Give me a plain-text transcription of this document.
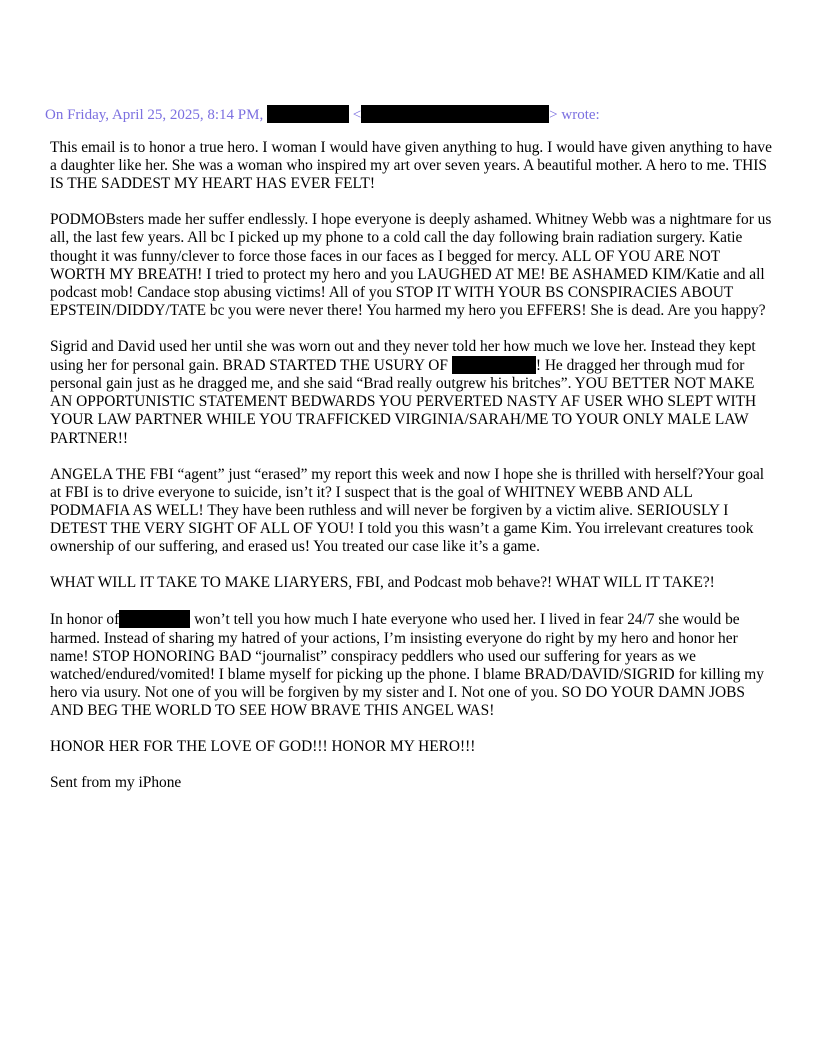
On Friday, April 25, 2025, 8:14 PM,	<	> wrote:

This email is to honor a true hero. I woman I would have given anything to hug. I would have given anything to have a daughter like her. She was a woman who inspired my art over seven years. A beautiful mother. A hero to me. THIS IS THE SADDEST MY HEART HAS EVER FELT!

PODMOBsters made her suffer endlessly. I hope everyone is deeply ashamed. Whitney Webb was a nightmare for us all, the last few years. All bc I picked up my phone to a cold call the day following brain radiation surgery. Katie thought it was funny/clever to force those faces in our faces as I begged for mercy. ALL OF YOU ARE NOT WORTH MY BREATH! I tried to protect my hero and you LAUGHED AT ME! BE ASHAMED KIM/Katie and all podcast mob! Candace stop abusing victims! All of you STOP IT WITH YOUR BS CONSPIRACIES ABOUT EPSTEIN/DIDDY/TATE bc you were never there! You harmed my hero you EFFERS! She is dead. Are you happy?

Sigrid and David used her until she was worn out and they never told her how much we love her. Instead they kept using her for personal gain. BRAD STARTED THE USURY OF	! He dragged her through mud for personal gain just as he dragged me, and she said “Brad really outgrew his britches”. YOU BETTER NOT MAKE AN OPPORTUNISTIC STATEMENT BEDWARDS YOU PERVERTED NASTY AF USER WHO SLEPT WITH YOUR LAW PARTNER WHILE YOU TRAFFICKED VIRGINIA/SARAH/ME TO YOUR ONLY MALE LAW PARTNER!!

ANGELA THE FBI “agent” just “erased” my report this week and now I hope she is thrilled with herself?Your goal at FBI is to drive everyone to suicide, isn’t it? I suspect that is the goal of WHITNEY WEBB AND ALL PODMAFIA AS WELL! They have been ruthless and will never be forgiven by a victim alive. SERIOUSLY I DETEST THE VERY SIGHT OF ALL OF YOU! I told you this wasn’t a game Kim. You irrelevant creatures took ownership of our suffering, and erased us! You treated our case like it’s a game.

WHAT WILL IT TAKE TO MAKE LIARYERS, FBI, and Podcast mob behave?! WHAT WILL IT TAKE?!

In honor of	won’t tell you how much I hate everyone who used her. I lived in fear 24/7 she would be harmed. Instead of sharing my hatred of your actions, I’m insisting everyone do right by my hero and honor her name! STOP HONORING BAD “journalist” conspiracy peddlers who used our suffering for years as we watched/endured/vomited! I blame myself for picking up the phone. I blame BRAD/DAVID/SIGRID for killing my hero via usury. Not one of you will be forgiven by my sister and I. Not one of you. SO DO YOUR DAMN JOBS AND BEG THE WORLD TO SEE HOW BRAVE THIS ANGEL WAS!

HONOR HER FOR THE LOVE OF GOD!!! HONOR MY HERO!!!

Sent from my iPhone
